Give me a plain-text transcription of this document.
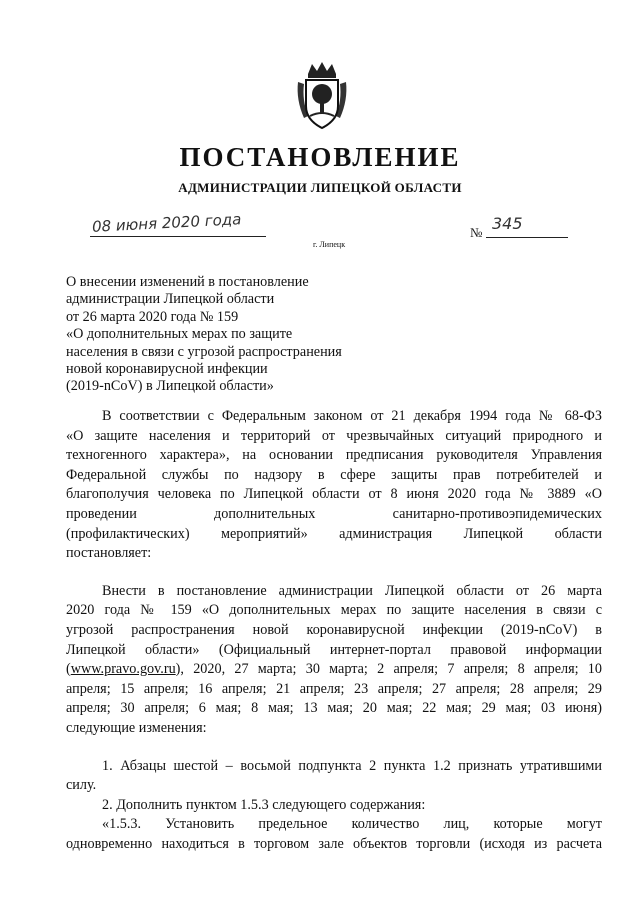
ПОСТАНОВЛЕНИЕ
АДМИНИСТРАЦИИ ЛИПЕЦКОЙ ОБЛАСТИ
08 июня 2020 года	№ 345
г. Липецк
О внесении изменений в постановление
администрации Липецкой области
от 26 марта 2020 года № 159
«О дополнительных мерах по защите
населения в связи с угрозой распространения
новой коронавирусной инфекции
(2019-nCoV) в Липецкой области»
В соответствии с Федеральным законом от 21 декабря 1994 года № 68-ФЗ
«О защите населения и территорий от чрезвычайных ситуаций природного и
техногенного характера», на основании предписания руководителя Управления
Федеральной службы по надзору в сфере защиты прав потребителей и
благополучия человека по Липецкой области от 8 июня 2020 года № 3889 «О
проведении дополнительных санитарно-противоэпидемических
(профилактических) мероприятий» администрация Липецкой области
постановляет:
Внести в постановление администрации Липецкой области от 26 марта
2020 года № 159 «О дополнительных мерах по защите населения в связи с
угрозой распространения новой коронавирусной инфекции (2019-nCoV) в
Липецкой области» (Официальный интернет-портал правовой информации
(www.pravo.gov.ru), 2020, 27 марта; 30 марта; 2 апреля; 7 апреля; 8 апреля; 10
апреля; 15 апреля; 16 апреля; 21 апреля; 23 апреля; 27 апреля; 28 апреля; 29
апреля; 30 апреля; 6 мая; 8 мая; 13 мая; 20 мая; 22 мая; 29 мая; 03 июня)
следующие изменения:
1. Абзацы шестой – восьмой подпункта 2 пункта 1.2 признать утратившими
силу.
2. Дополнить пунктом 1.5.3 следующего содержания:
«1.5.3. Установить предельное количество лиц, которые могут
одновременно находиться в торговом зале объектов торговли (исходя из расчета
